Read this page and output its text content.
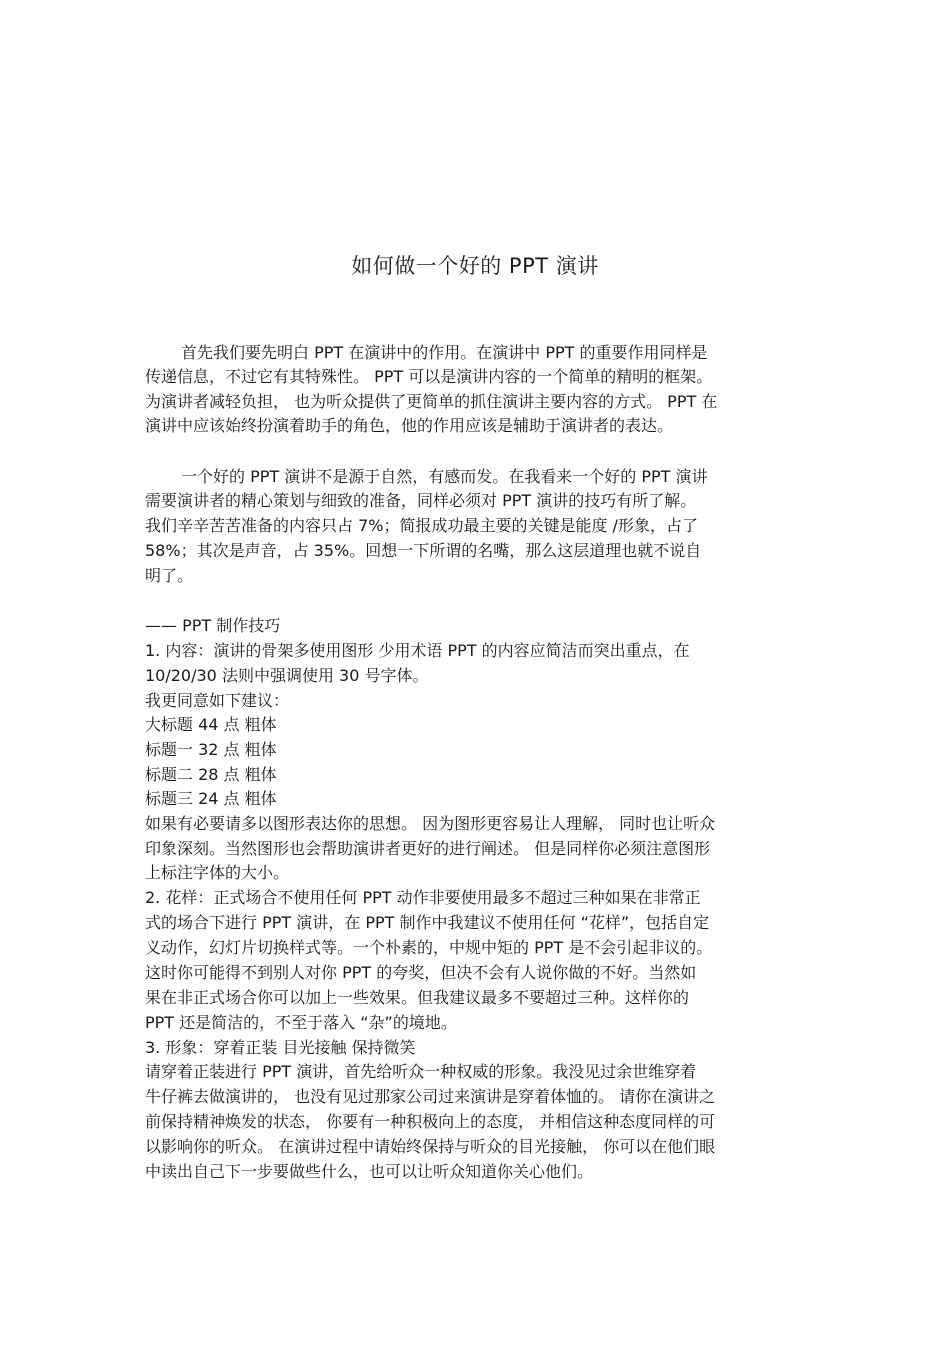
如何做一个好的 PPT 演讲
首先我们要先明白 PPT 在演讲中的作用。在演讲中 PPT 的重要作用同样是
传递信息，不过它有其特殊性。 PPT 可以是演讲内容的一个简单的精明的框架。
为演讲者减轻负担， 也为听众提供了更简单的抓住演讲主要内容的方式。 PPT 在
演讲中应该始终扮演着助手的角色，他的作用应该是辅助于演讲者的表达。
一个好的 PPT 演讲不是源于自然，有感而发。在我看来一个好的 PPT 演讲
需要演讲者的精心策划与细致的准备，同样必须对 PPT 演讲的技巧有所了解。
我们辛辛苦苦准备的内容只占 7%；简报成功最主要的关键是能度 /形象，占了
58%；其次是声音，占 35%。回想一下所谓的名嘴，那么这层道理也就不说自
明了。
—— PPT 制作技巧
1. 内容：演讲的骨架多使用图形 少用术语 PPT 的内容应简洁而突出重点，在
10/20/30 法则中强调使用 30 号字体。
我更同意如下建议：
大标题 44 点 粗体
标题一 32 点 粗体
标题二 28 点 粗体
标题三 24 点 粗体
如果有必要请多以图形表达你的思想。 因为图形更容易让人理解， 同时也让听众
印象深刻。当然图形也会帮助演讲者更好的进行阐述。 但是同样你必须注意图形
上标注字体的大小。
2. 花样：正式场合不使用任何 PPT 动作非要使用最多不超过三种如果在非常正
式的场合下进行 PPT 演讲，在 PPT 制作中我建议不使用任何 “花样”，包括自定
义动作，幻灯片切换样式等。一个朴素的，中规中矩的 PPT 是不会引起非议的。
这时你可能得不到别人对你 PPT 的夸奖，但决不会有人说你做的不好。当然如
果在非正式场合你可以加上一些效果。但我建议最多不要超过三种。这样你的
PPT 还是简洁的，不至于落入 “杂”的境地。
3. 形象：穿着正装 目光接触 保持微笑
请穿着正装进行 PPT 演讲，首先给听众一种权威的形象。我没见过余世维穿着
牛仔裤去做演讲的， 也没有见过那家公司过来演讲是穿着体恤的。 请你在演讲之
前保持精神焕发的状态， 你要有一种积极向上的态度， 并相信这种态度同样的可
以影响你的听众。 在演讲过程中请始终保持与听众的目光接触， 你可以在他们眼
中读出自己下一步要做些什么，也可以让听众知道你关心他们。
